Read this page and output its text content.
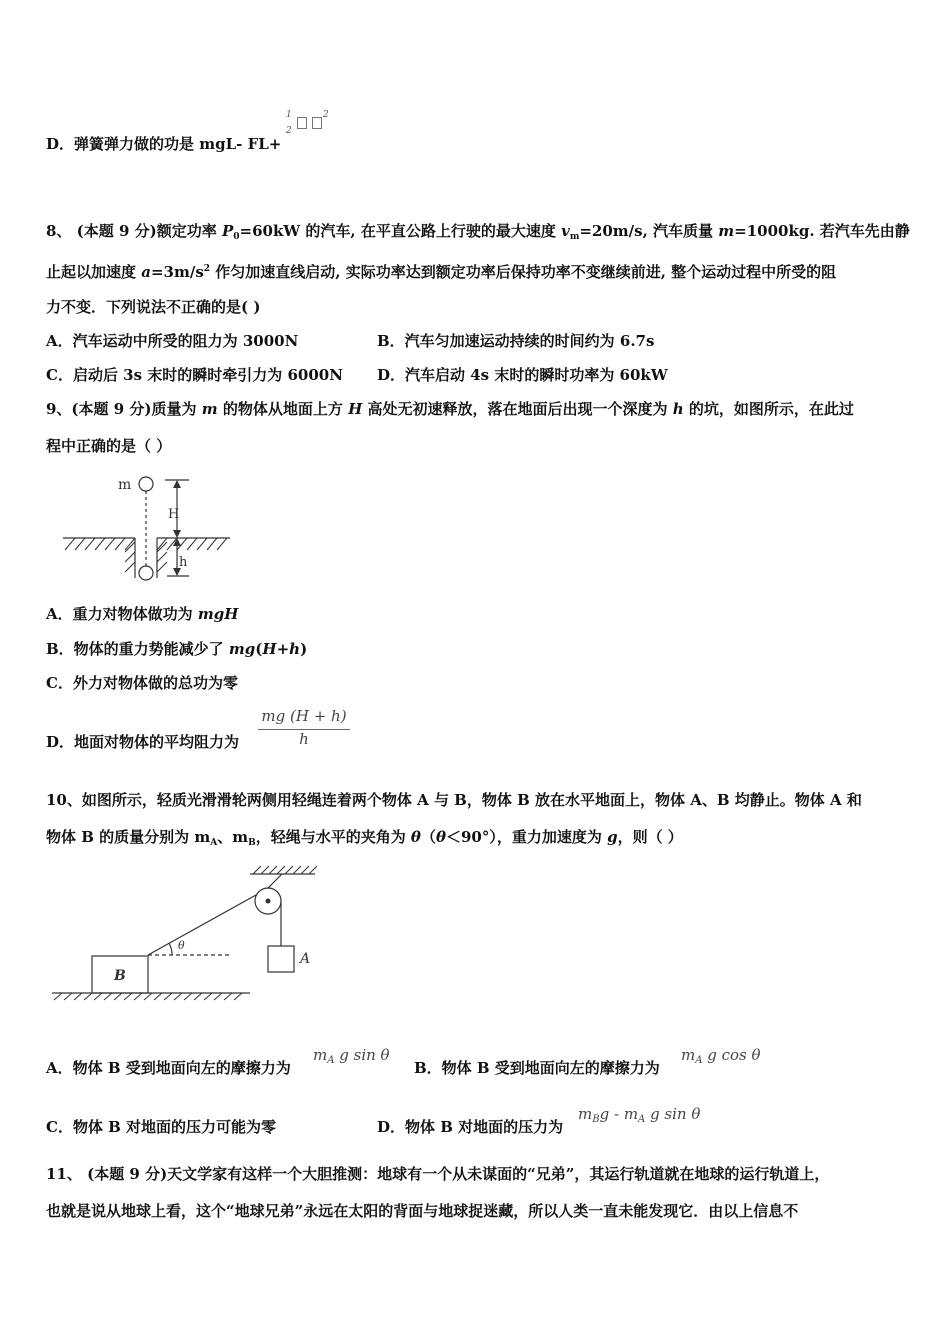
D．弹簧弹力做的功是 mgL- FL+
1
2

2
8、 (本题 9 分)额定功率 $P_0=60kW$ 的汽车, 在平直公路上行驶的最大速度 $v_m=20m/s$, 汽车质量 m=1000kg. 若汽车先由静
止起以加速度 $a=3m/s^2$ 作匀加速直线启动, 实际功率达到额定功率后保持功率不变继续前进, 整个运动过程中所受的阻
力不变．下列说法不正确的是( )
A．汽车运动中所受的阻力为 3000N	B．汽车匀加速运动持续的时间约为 6.7s
C．启动后 3s 末时的瞬时牵引力为 6000N D．汽车启动 4s 末时的瞬时功率为 60kW
9、(本题 9 分)质量为 m 的物体从地面上方 H 高处无初速释放，落在地面后出现一个深度为 h 的坑，如图所示，在此过
程中正确的是（ ）
m
H
h
A．重力对物体做功为 mgH
B．物体的重力势能减少了 mg(H+h)
C．外力对物体做的总功为零
D．地面对物体的平均阻力为
mg (H + h)
h
10、如图所示，轻质光滑滑轮两侧用轻绳连着两个物体 A 与 B，物体 B 放在水平地面上，物体 A、B 均静止。物体 A 和
物体 B 的质量分别为 $m_A$、$m_B$，轻绳与水平的夹角为 θ（θ＜90°），重力加速度为 g，则（ ）
B
A
θ
A．物体 B 受到地面向左的摩擦力为
$m_A$ g sin θ
B．物体 B 受到地面向左的摩擦力为
$m_A$ g cos θ
C．物体 B 对地面的压力可能为零	D．物体 B 对地面的压力为
$m_Bg - m_A$ g sin θ
11、 (本题 9 分)天文学家有这样一个大胆推测：地球有一个从未谋面的“兄弟”，其运行轨道就在地球的运行轨道上，
也就是说从地球上看，这个“地球兄弟”永远在太阳的背面与地球捉迷藏，所以人类一直未能发现它．由以上信息不
